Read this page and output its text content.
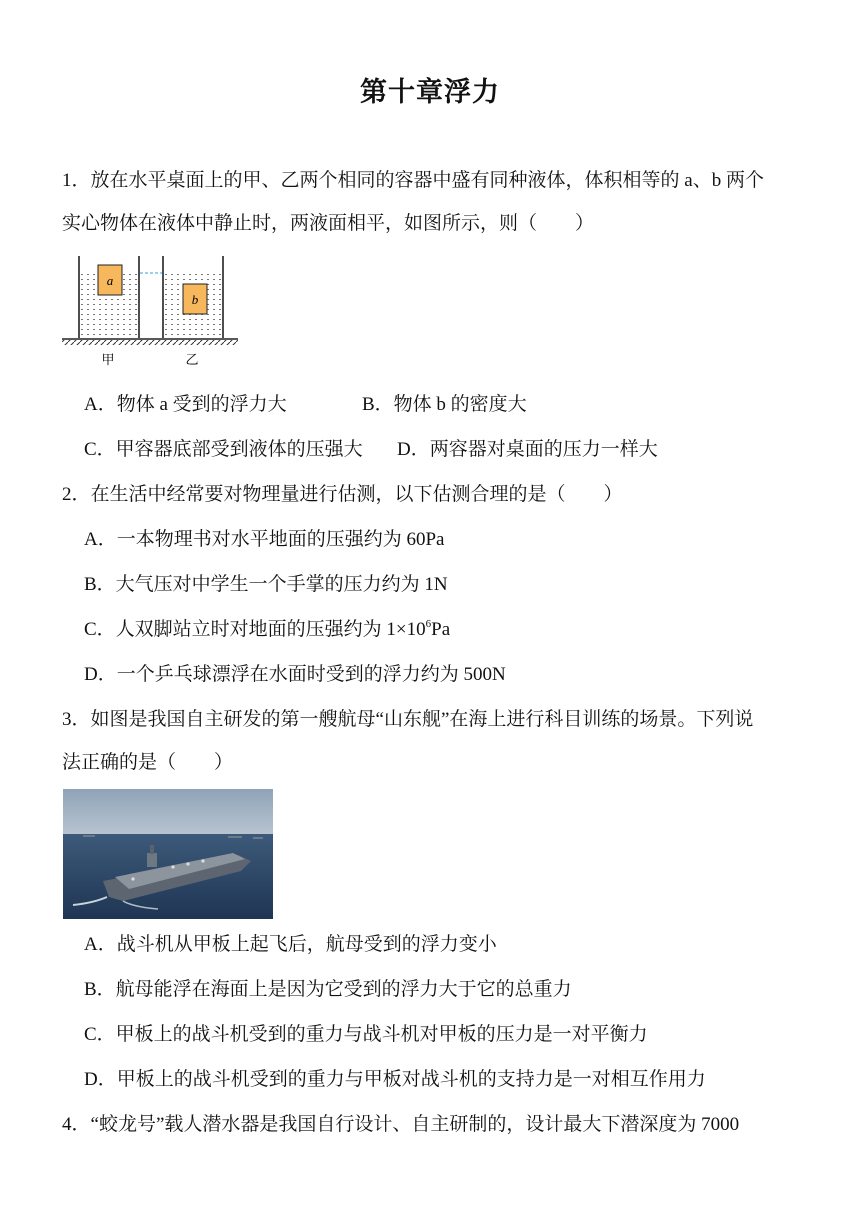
第十章浮力
1．放在水平桌面上的甲、乙两个相同的容器中盛有同种液体，体积相等的 a、b 两个
实心物体在液体中静止时，两液面相平，如图所示，则（　　）
a
b
甲	乙
A．物体 a 受到的浮力大	B．物体 b 的密度大
C．甲容器底部受到液体的压强大 D．两容器对桌面的压力一样大
2．在生活中经常要对物理量进行估测，以下估测合理的是（　　）
A．一本物理书对水平地面的压强约为 60Pa
B．大气压对中学生一个手掌的压力约为 1N
C．人双脚站立时对地面的压强约为 $1\times 10^6Pa$
D．一个乒乓球漂浮在水面时受到的浮力约为 500N
3．如图是我国自主研发的第一艘航母“山东舰”在海上进行科目训练的场景。下列说
法正确的是（　　）
A．战斗机从甲板上起飞后，航母受到的浮力变小
B．航母能浮在海面上是因为它受到的浮力大于它的总重力
C．甲板上的战斗机受到的重力与战斗机对甲板的压力是一对平衡力
D．甲板上的战斗机受到的重力与甲板对战斗机的支持力是一对相互作用力
4．“蛟龙号”载人潜水器是我国自行设计、自主研制的，设计最大下潜深度为 7000
